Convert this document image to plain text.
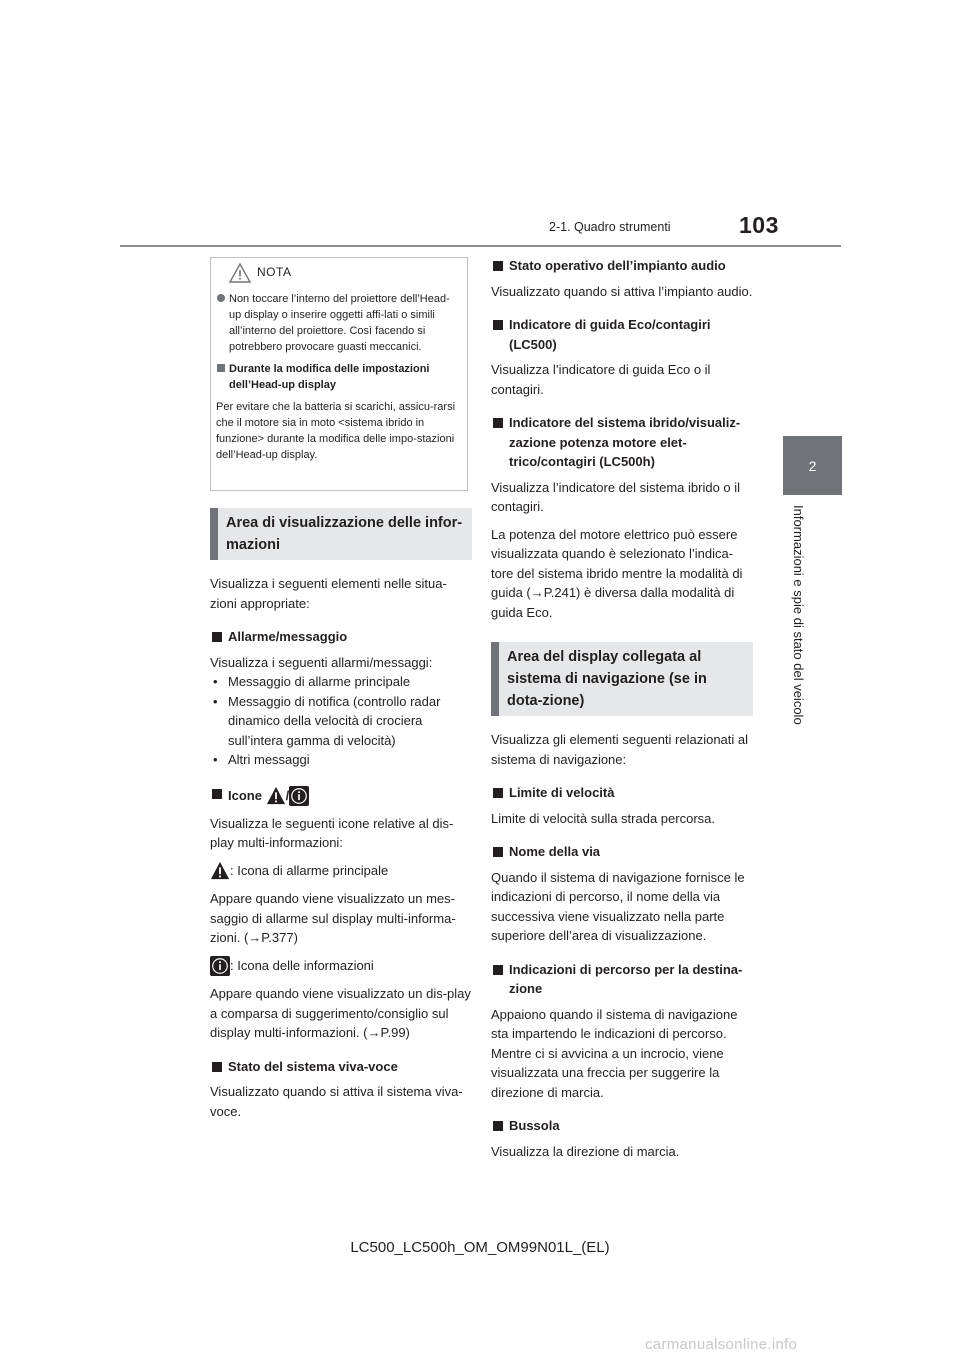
2-1. Quadro strumenti	103
2
Informazioni e spie di stato del veicolo
NOTA
Non toccare l’interno del proiettore dell’Head-up display o inserire oggetti affi-lati o simili all’interno del proiettore. Così facendo si potrebbero provocare guasti meccanici.
Durante la modifica delle impostazioni dell’Head-up display
Per evitare che la batteria si scarichi, assicu-rarsi che il motore sia in moto <sistema ibrido in funzione> durante la modifica delle impo-stazioni dell’Head-up display.
Area di visualizzazione delle infor-mazioni

Visualizza i seguenti elementi nelle situa-zioni appropriate:

Allarme/messaggio

Visualizza i seguenti allarmi/messaggi:

• Messaggio di allarme principale
• Messaggio di notifica (controllo radar dinamico della velocità di crociera sull’intera gamma di velocità)
• Altri messaggi
Icone /

Visualizza le seguenti icone relative al dis-play multi-informazioni:

: Icona di allarme principale

Appare quando viene visualizzato un mes-saggio di allarme sul display multi-informa-zioni. (→P.377)

: Icona delle informazioni

Appare quando viene visualizzato un dis-play a comparsa di suggerimento/consiglio sul display multi-informazioni. (→P.99)

Stato del sistema viva-voce

Visualizzato quando si attiva il sistema viva-voce.

Stato operativo dell’impianto audio

Visualizzato quando si attiva l’impianto audio.

Indicatore di guida Eco/contagiri (LC500)

Visualizza l’indicatore di guida Eco o il contagiri.

Indicatore del sistema ibrido/visualiz-zazione potenza motore elet-trico/contagiri (LC500h)

Visualizza l’indicatore del sistema ibrido o il contagiri.

La potenza del motore elettrico può essere visualizzata quando è selezionato l’indica-tore del sistema ibrido mentre la modalità di guida (→P.241) è diversa dalla modalità di guida Eco.

Area del display collegata al sistema di navigazione (se in dota-zione)

Visualizza gli elementi seguenti relazionati al sistema di navigazione:

Limite di velocità

Limite di velocità sulla strada percorsa.

Nome della via

Quando il sistema di navigazione fornisce le indicazioni di percorso, il nome della via successiva viene visualizzato nella parte superiore dell’area di visualizzazione.

Indicazioni di percorso per la destina-zione

Appaiono quando il sistema di navigazione sta impartendo le indicazioni di percorso. Mentre ci si avvicina a un incrocio, viene visualizzata una freccia per suggerire la direzione di marcia.

Bussola

Visualizza la direzione di marcia.

LC500_LC500h_OM_OM99N01L_(EL)
carmanualsonline.info
